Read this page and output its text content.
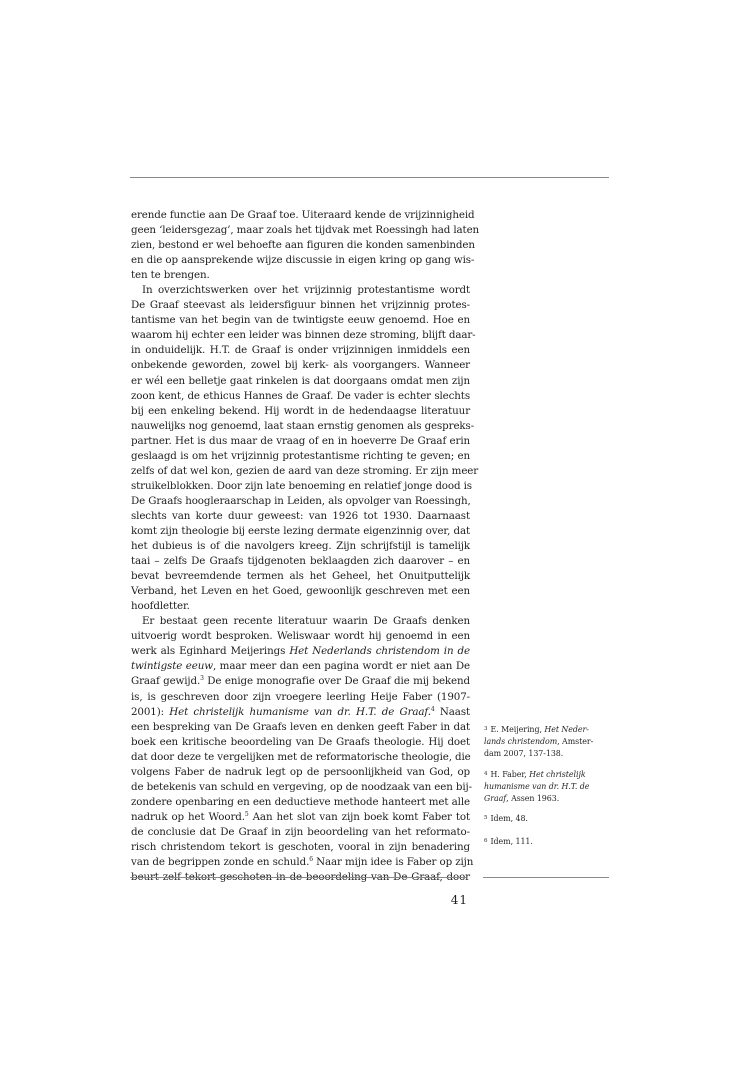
erende functie aan De Graaf toe. Uiteraard kende de vrijzinnigheid
geen ‘leidersgezag’, maar zoals het tijdvak met Roessingh had laten
zien, bestond er wel behoefte aan figuren die konden samenbinden
en die op aansprekende wijze discussie in eigen kring op gang wis-
ten te brengen.
In overzichtswerken over het vrijzinnig protestantisme wordt
De Graaf steevast als leidersfiguur binnen het vrijzinnig protes-
tantisme van het begin van de twintigste eeuw genoemd. Hoe en
waarom hij echter een leider was binnen deze stroming, blijft daar-
in onduidelijk. H.T. de Graaf is onder vrijzinnigen inmiddels een
onbekende geworden, zowel bij kerk- als voorgangers. Wanneer
er wél een belletje gaat rinkelen is dat doorgaans omdat men zijn
zoon kent, de ethicus Hannes de Graaf. De vader is echter slechts
bij een enkeling bekend. Hij wordt in de hedendaagse literatuur
nauwelijks nog genoemd, laat staan ernstig genomen als gespreks-
partner. Het is dus maar de vraag of en in hoeverre De Graaf erin
geslaagd is om het vrijzinnig protestantisme richting te geven; en
zelfs of dat wel kon, gezien de aard van deze stroming. Er zijn meer
struikelblokken. Door zijn late benoeming en relatief jonge dood is
De Graafs hoogleraarschap in Leiden, als opvolger van Roessingh,
slechts van korte duur geweest: van 1926 tot 1930. Daarnaast
komt zijn theologie bij eerste lezing dermate eigenzinnig over, dat
het dubieus is of die navolgers kreeg. Zijn schrijfstijl is tamelijk
taai – zelfs De Graafs tijdgenoten beklaagden zich daarover – en
bevat bevreemdende termen als het Geheel, het Onuitputtelijk
Verband, het Leven en het Goed, gewoonlijk geschreven met een
hoofdletter.
Er bestaat geen recente literatuur waarin De Graafs denken
uitvoerig wordt besproken. Weliswaar wordt hij genoemd in een
werk als Eginhard Meijerings Het Nederlands christendom in de
twintigste eeuw, maar meer dan een pagina wordt er niet aan De
Graaf gewijd.$^3$ De enige monografie over De Graaf die mij bekend
is, is geschreven door zijn vroegere leerling Heije Faber (1907-
2001): Het christelijk humanisme van dr. H.T. de Graaf.$^4$ Naast
een bespreking van De Graafs leven en denken geeft Faber in dat
boek een kritische beoordeling van De Graafs theologie. Hij doet
dat door deze te vergelijken met de reformatorische theologie, die
volgens Faber de nadruk legt op de persoonlijkheid van God, op
de betekenis van schuld en vergeving, op de noodzaak van een bij-
zondere openbaring en een deductieve methode hanteert met alle
nadruk op het Woord.$^5$ Aan het slot van zijn boek komt Faber tot
de conclusie dat De Graaf in zijn beoordeling van het reformato-
risch christendom tekort is geschoten, vooral in zijn benadering
van de begrippen zonde en schuld.$^6$ Naar mijn idee is Faber op zijn
beurt zelf tekort geschoten in de beoordeling van De Graaf, door
$^3$ E. Meijering, Het Neder-
lands christendom, Amster-
dam 2007, 137-138.
$^4$ H. Faber, Het christelijk
humanisme van dr. H.T. de
Graaf, Assen 1963.
$^5$ Idem, 48.
$^6$ Idem, 111.
41
